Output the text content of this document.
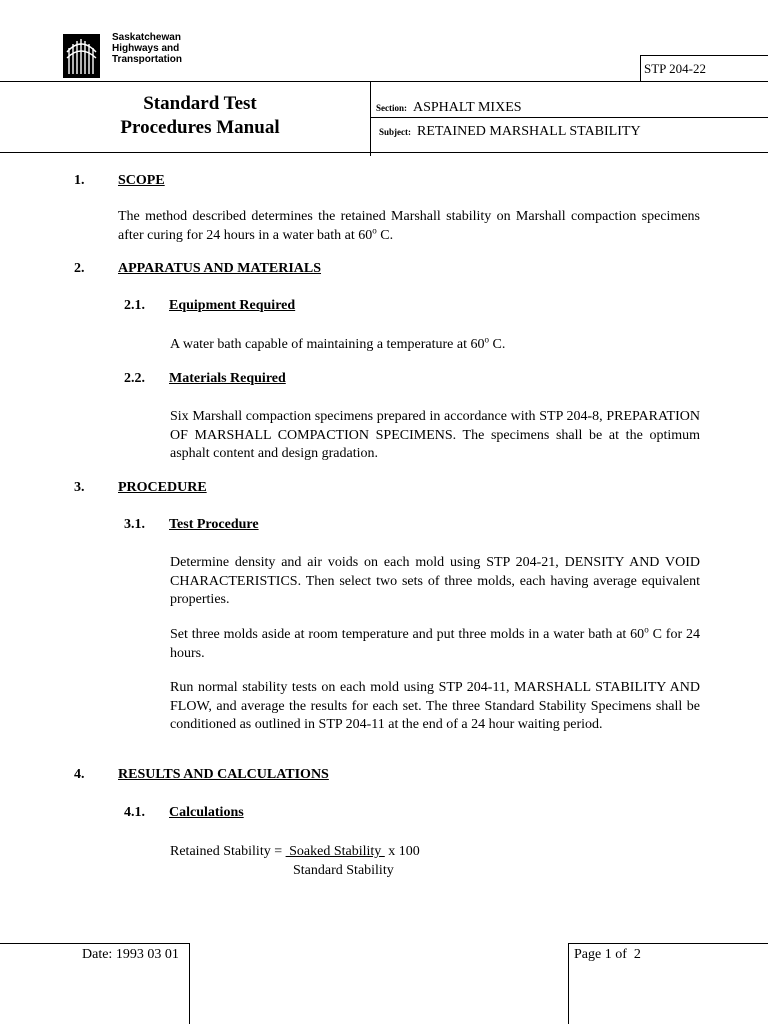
Saskatchewan
Highways and
Transportation
STP 204-22
Standard Test
Procedures Manual
Section: ASPHALT MIXES
Subject: RETAINED MARSHALL STABILITY
1. SCOPE
The method described determines the retained Marshall stability on Marshall compaction specimens after curing for 24 hours in a water bath at 60$^o$ C.
2. APPARATUS AND MATERIALS
2.1. Equipment Required
A water bath capable of maintaining a temperature at 60$^o$ C.
2.2. Materials Required
Six Marshall compaction specimens prepared in accordance with STP 204-8, PREPARATION OF MARSHALL COMPACTION SPECIMENS. The specimens shall be at the optimum asphalt content and design gradation.
3. PROCEDURE
3.1. Test Procedure
Determine density and air voids on each mold using STP 204-21, DENSITY AND VOID CHARACTERISTICS. Then select two sets of three molds, each having average equivalent properties.
Set three molds aside at room temperature and put three molds in a water bath at 60$^o$ C for 24 hours.
Run normal stability tests on each mold using STP 204-11, MARSHALL STABILITY AND FLOW, and average the results for each set. The three Standard Stability Specimens shall be conditioned as outlined in STP 204-11 at the end of a 24 hour waiting period.
4. RESULTS AND CALCULATIONS
4.1. Calculations
Retained Stability =  Soaked Stability  x 100
Standard Stability
Date: 1993 03 01	Page 1 of  2
